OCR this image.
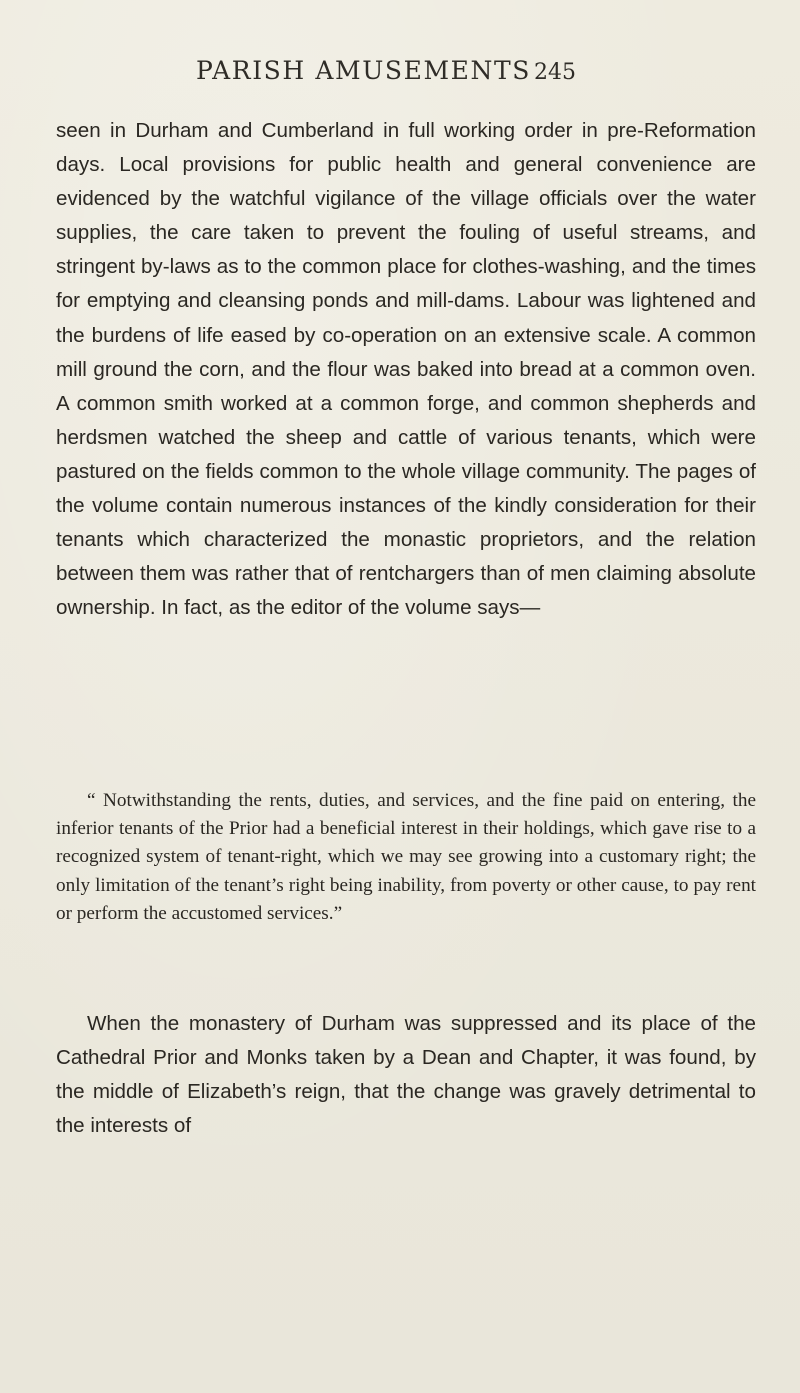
PARISH AMUSEMENTS 245

seen in Durham and Cumberland in full working order in pre-Reformation days. Local provisions for public health and general convenience are evidenced by the watchful vigilance of the village officials over the water supplies, the care taken to prevent the fouling of useful streams, and stringent by-laws as to the common place for clothes-washing, and the times for emptying and cleansing ponds and mill-dams. Labour was lightened and the burdens of life eased by co-operation on an extensive scale. A common mill ground the corn, and the flour was baked into bread at a common oven. A common smith worked at a common forge, and common shepherds and herdsmen watched the sheep and cattle of various tenants, which were pastured on the fields common to the whole village community. The pages of the volume contain numerous instances of the kindly consideration for their tenants which characterized the monastic proprietors, and the relation between them was rather that of rentchargers than of men claiming absolute ownership. In fact, as the editor of the volume says—

“ Notwithstanding the rents, duties, and services, and the fine paid on entering, the inferior tenants of the Prior had a beneficial interest in their holdings, which gave rise to a recognized system of tenant-right, which we may see growing into a customary right; the only limitation of the tenant’s right being inability, from poverty or other cause, to pay rent or perform the accustomed services.”

When the monastery of Durham was suppressed and its place of the Cathedral Prior and Monks taken by a Dean and Chapter, it was found, by the middle of Elizabeth’s reign, that the change was gravely detrimental to the interests of
